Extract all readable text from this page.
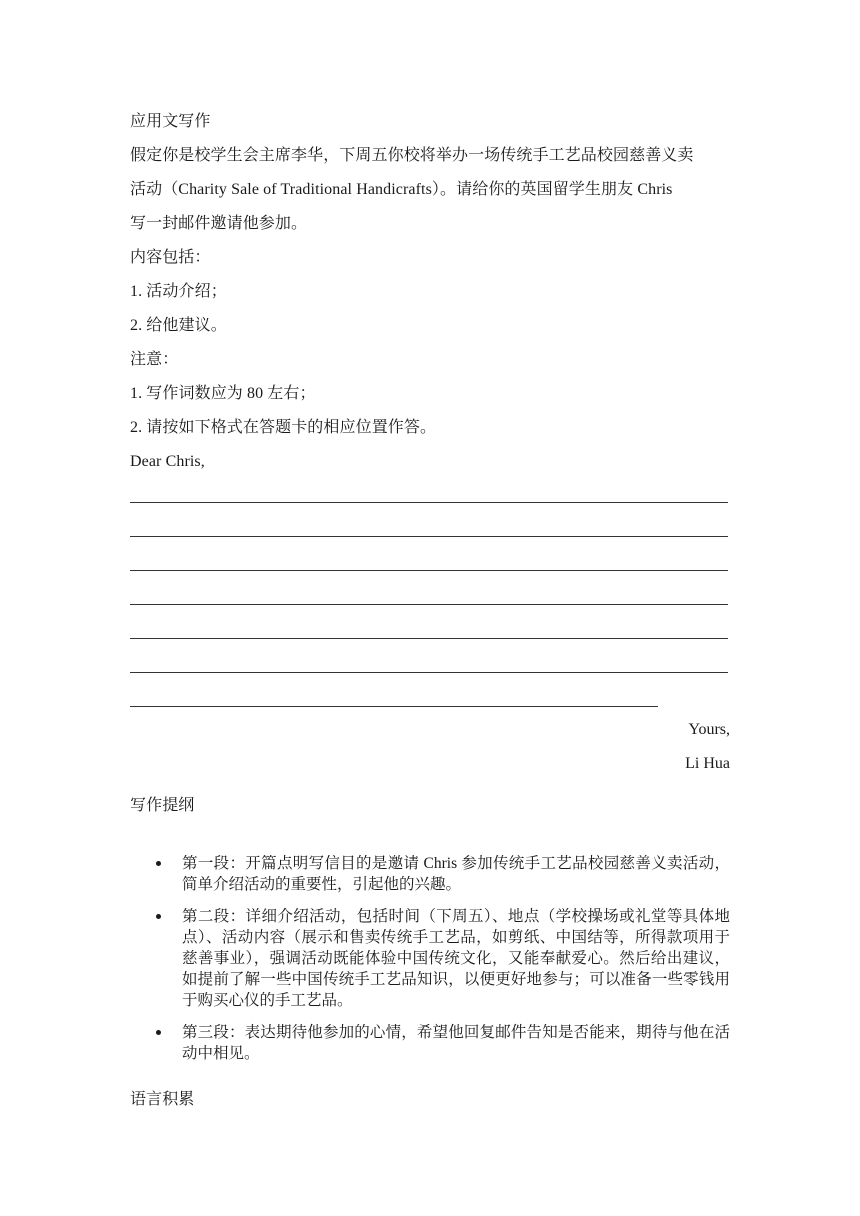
应用文写作
假定你是校学生会主席李华，下周五你校将举办一场传统手工艺品校园慈善义卖
活动（Charity Sale of Traditional Handicrafts）。请给你的英国留学生朋友 Chris
写一封邮件邀请他参加。
内容包括：
1. 活动介绍；
2. 给他建议。
注意：
1. 写作词数应为 80 左右；
2. 请按如下格式在答题卡的相应位置作答。
Dear Chris,
Yours,
Li Hua
写作提纲
第一段：开篇点明写信目的是邀请 Chris 参加传统手工艺品校园慈善义卖活动，简单介绍活动的重要性，引起他的兴趣。
第二段：详细介绍活动，包括时间（下周五）、地点（学校操场或礼堂等具体地点）、活动内容（展示和售卖传统手工艺品，如剪纸、中国结等，所得款项用于慈善事业），强调活动既能体验中国传统文化，又能奉献爱心。然后给出建议，如提前了解一些中国传统手工艺品知识，以便更好地参与；可以准备一些零钱用于购买心仪的手工艺品。
第三段：表达期待他参加的心情，希望他回复邮件告知是否能来，期待与他在活动中相见。
语言积累
